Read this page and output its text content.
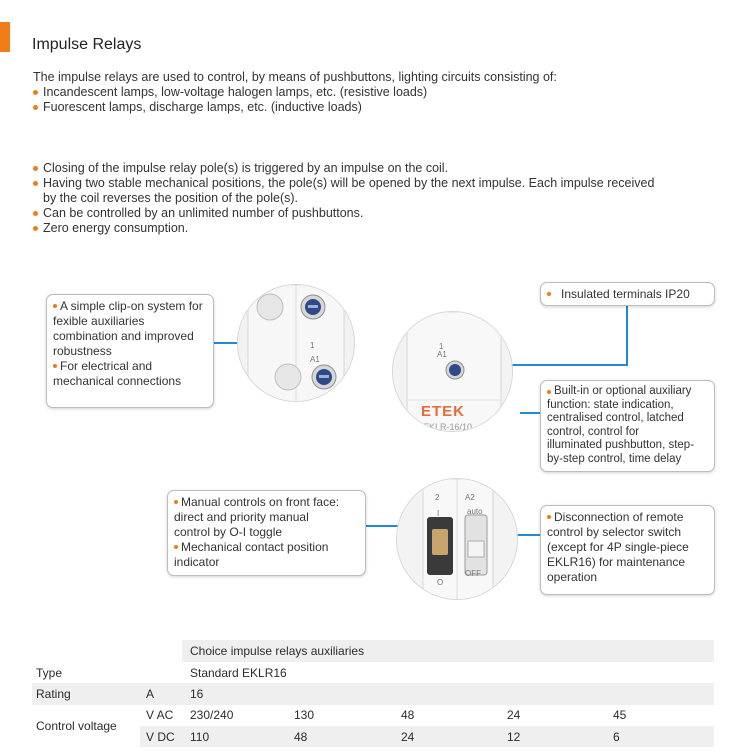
Impulse Relays
The impulse relays are used to control, by means of pushbuttons, lighting circuits consisting of:
Incandescent lamps, low-voltage halogen lamps, etc. (resistive loads)
Fuorescent lamps, discharge lamps, etc. (inductive loads)
Closing of the impulse relay pole(s) is triggered by an impulse on the coil.
Having two stable mechanical positions, the pole(s) will be opened by the next impulse. Each impulse received
by the coil reverses the position of the pole(s).
Can be controlled by an unlimited number of pushbuttons.
Zero energy consumption.
1
A1
1
A1
ETEK
EKLR-16/10
2	A2
auto
I
O
OFF
A simple clip-on system for
fexible auxiliaries
combination and improved
robustness
For electrical and
mechanical connections
Insulated terminals IP20
Built-in or optional auxiliary
function: state indication,
centralised control, latched
control, control for
illuminated pushbutton, step-
by-step control, time delay
Manual controls on front face:
direct and priority manual
control by O-I toggle
Mechanical contact position
indicator
Disconnection of remote
control by selector switch
(except for 4P single-piece
EKLR16) for maintenance
operation
Choice impulse relays auxiliaries
Type	Standard EKLR16
Rating	A	16
Control voltage
V AC 230/240	130	48	24	45
V DC 110	48	24	12	6
